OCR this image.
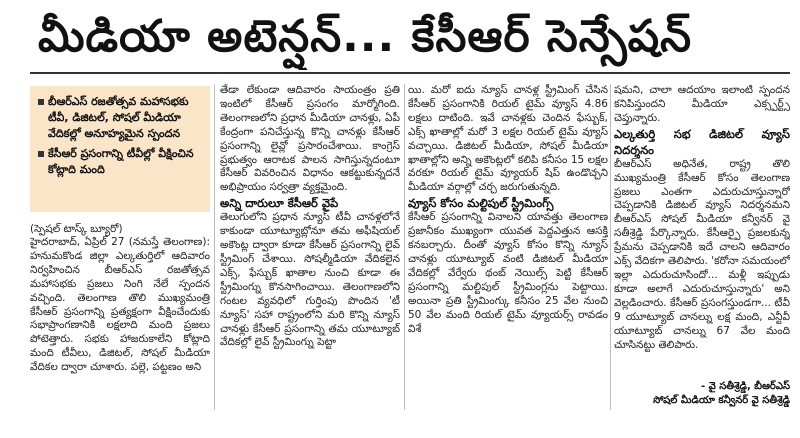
మీడియా అటెన్షన్... కేసీఆర్ సెన్సేషన్
బీఆర్ఎస్ రజతోత్సవ మహాసభకు టీవీ, డిజిటల్, సోషల్ మీడియా వేదికల్లో అనూహ్యమైన స్పందన
కేసీఆర్ ప్రసంగాన్ని టీవీల్లో వీక్షించిన కోట్లాది మంది

(స్పెషల్ టాస్క్ బ్యూరో)

హైదరాబాద్, ఏప్రిల్ 27 (నమస్తే తెలంగాణ): హనుమకొండ జిల్లా ఎల్కతుర్తిలో ఆదివారం నిర్వహించిన బీఆర్ఎస్ రజతోత్సవ మహాసభకు ప్రజలు నింగి నేలే స్పందన వచ్చింది. తెలంగాణ తొలి ముఖ్యమంత్రి కేసీఆర్ ప్రసంగాన్ని ప్రత్యక్షంగా వీక్షించేందుకు సభాప్రాంగణానికి లక్షలాది మంది ప్రజలు పోటెత్తారు. సభకు హాజరుకాలేని కోట్లాది మంది టీవీలు, డిజిటల్, సోషల్ మీడియా వేదికల ద్వారా చూశారు. పల్లె, పట్టణం అని

తేడా లేకుండా ఆదివారం సాయంత్రం ప్రతి ఇంటిలో కేసీఆర్ ప్రసంగం మార్మోగింది. తెలంగాణలోని ప్రధాన మీడియా చానళ్లు, ఏపీ కేంద్రంగా పనిచేస్తున్న కొన్ని చానళ్లు కేసీఆర్ ప్రసంగాన్ని లైవ్లో ప్రసారంచేశాయి. కాంగ్రెస్ ప్రభుత్వం ఆరాటక పాలన సాగిస్తున్నదంటూ కేసీఆర్ వివరించిన విధానం ఆకట్టుకున్నదనే అభిప్రాయం సర్వత్రా వ్యక్తమైంది.

అన్ని దారులూ కేసీఆర్ వైపే

తెలుగులోని ప్రధాన న్యూస్ టీవీ చానళ్లలోనే కాకుండా యూట్యూబ్లోనూ తమ అఫీషియల్ అకౌంట్ల ద్వారా కూడా కేసీఆర్ ప్రసంగాన్ని లైవ్ స్ట్రీమింగ్ చేశాయి. సోషల్మీడియా వేదికలైన ఎక్స్, ఫేస్బుక్ ఖాతాల నుంచి కూడా ఈ స్ట్రీమింగ్ను కొనసాగించాయి. తెలంగాణలోని గంటల వ్యవధిలో గుర్తింపు పొందిన 'టీ న్యూస్' సహా రాష్ట్రంలోని మరి కొన్ని న్యూస్ చానళ్లు కేసీఆర్ ప్రసంగాన్ని తమ యూట్యూబ్ వేదికల్లో లైవ్ స్ట్రీమింగ్ను పెట్టా

యి. మరో ఐదు న్యూస్ చానళ్ల స్ట్రీమింగ్ చేసిన కేసీఆర్ ప్రసంగానికి రియల్ టైమ్ వ్యూస్ 4.86 లక్షలు దాటింది. ఇవే చానళ్లకు చెందిన ఫేస్బుక్, ఎక్స్ ఖాతాల్లో మరో 3 లక్షల రియల్ టైమ్ వ్యూస్ వచ్చాయి. డిజిటల్ మీడియా, సోషల్ మీడియా ఖాతాల్లోని అన్ని అకౌంట్లలో కలిపి కనీసం 15 లక్షల వరకూ రియల్ టైమ్ వ్యూయర్ షిప్ ఉండొచ్చని మీడియా వర్గాల్లో చర్చ జరుగుతున్నది.

వ్యూస్ కోసం మల్టిపుల్ స్ట్రీమింగ్స్

కేసీఆర్ ప్రసంగాన్ని వినాలని యావత్తు తెలంగాణ ప్రజానీకం ముఖ్యంగా యువత పెద్దఎత్తున ఆసక్తి కనబర్చారు. దీంతో వ్యూస్ కోసం కొన్ని న్యూస్ చానళ్లు యూట్యూబ్ వంటి డిజిటల్ మీడియా వేదికల్లో వేర్వేరు థంబ్ నెయిల్స్ పెట్టి కేసీఆర్ ప్రసంగాన్ని మల్టిపుల్ స్ట్రీమింగ్లను పెట్టాయి. అయినా ప్రతి స్ట్రీమింగ్కు కనీసం 25 వేల నుంచి 50 వేల మంది రియల్ టైమ్ వ్యూయర్స్ రావడం విశే

షమని, చాలా ఆదయాం ఇలాంటి స్పందన కనిపిస్తుందని మీడియా ఎక్స్పర్ట్స్ చెప్తున్నారు.

ఎల్కతుర్తి సభ డిజిటల్ వ్యూస్ నిదర్శనం

బీఆర్ఎస్ అధినేత, రాష్ట్ర తొలి ముఖ్యమంత్రి కేసీఆర్ కోసం తెలంగాణ ప్రజలు ఎంతగా ఎదురుచూస్తున్నారో చెప్పడానికి డిజిటల్ వ్యూస్ నిదర్శనమని బీఆర్ఎస్ సోషల్ మీడియా కన్వీనర్ వై సతీశ్రెడ్డి పేర్కొన్నారు. కేసీఆర్పై ప్రజలకున్న ప్రేమను చెప్పడానికి ఇదే చాలని ఆదివారం ఎక్స్ వేదికగా తెలిపారు. 'కరోనా సమయంలో ఇల్లా ఎదురుచూసిందో... మళ్లీ ఇప్పుడు కూడా అలాగే ఎదురుచూస్తున్నారు' అని వెల్లడించారు. కేసీఆర్ ప్రసంగస్తుండగా... టీవీ 9 యూట్యూబ్ చానల్ను లక్ష మంది, ఎన్టీవీ యూట్యూబ్ చానల్ను 67 వేల మంది చూసినట్టు తెలిపారు.

- వై సతీశ్రెడ్డి, బీఆర్ఎస్
సోషల్ మీడియా కన్వీనర్ వై సతీశ్రెడ్డి
